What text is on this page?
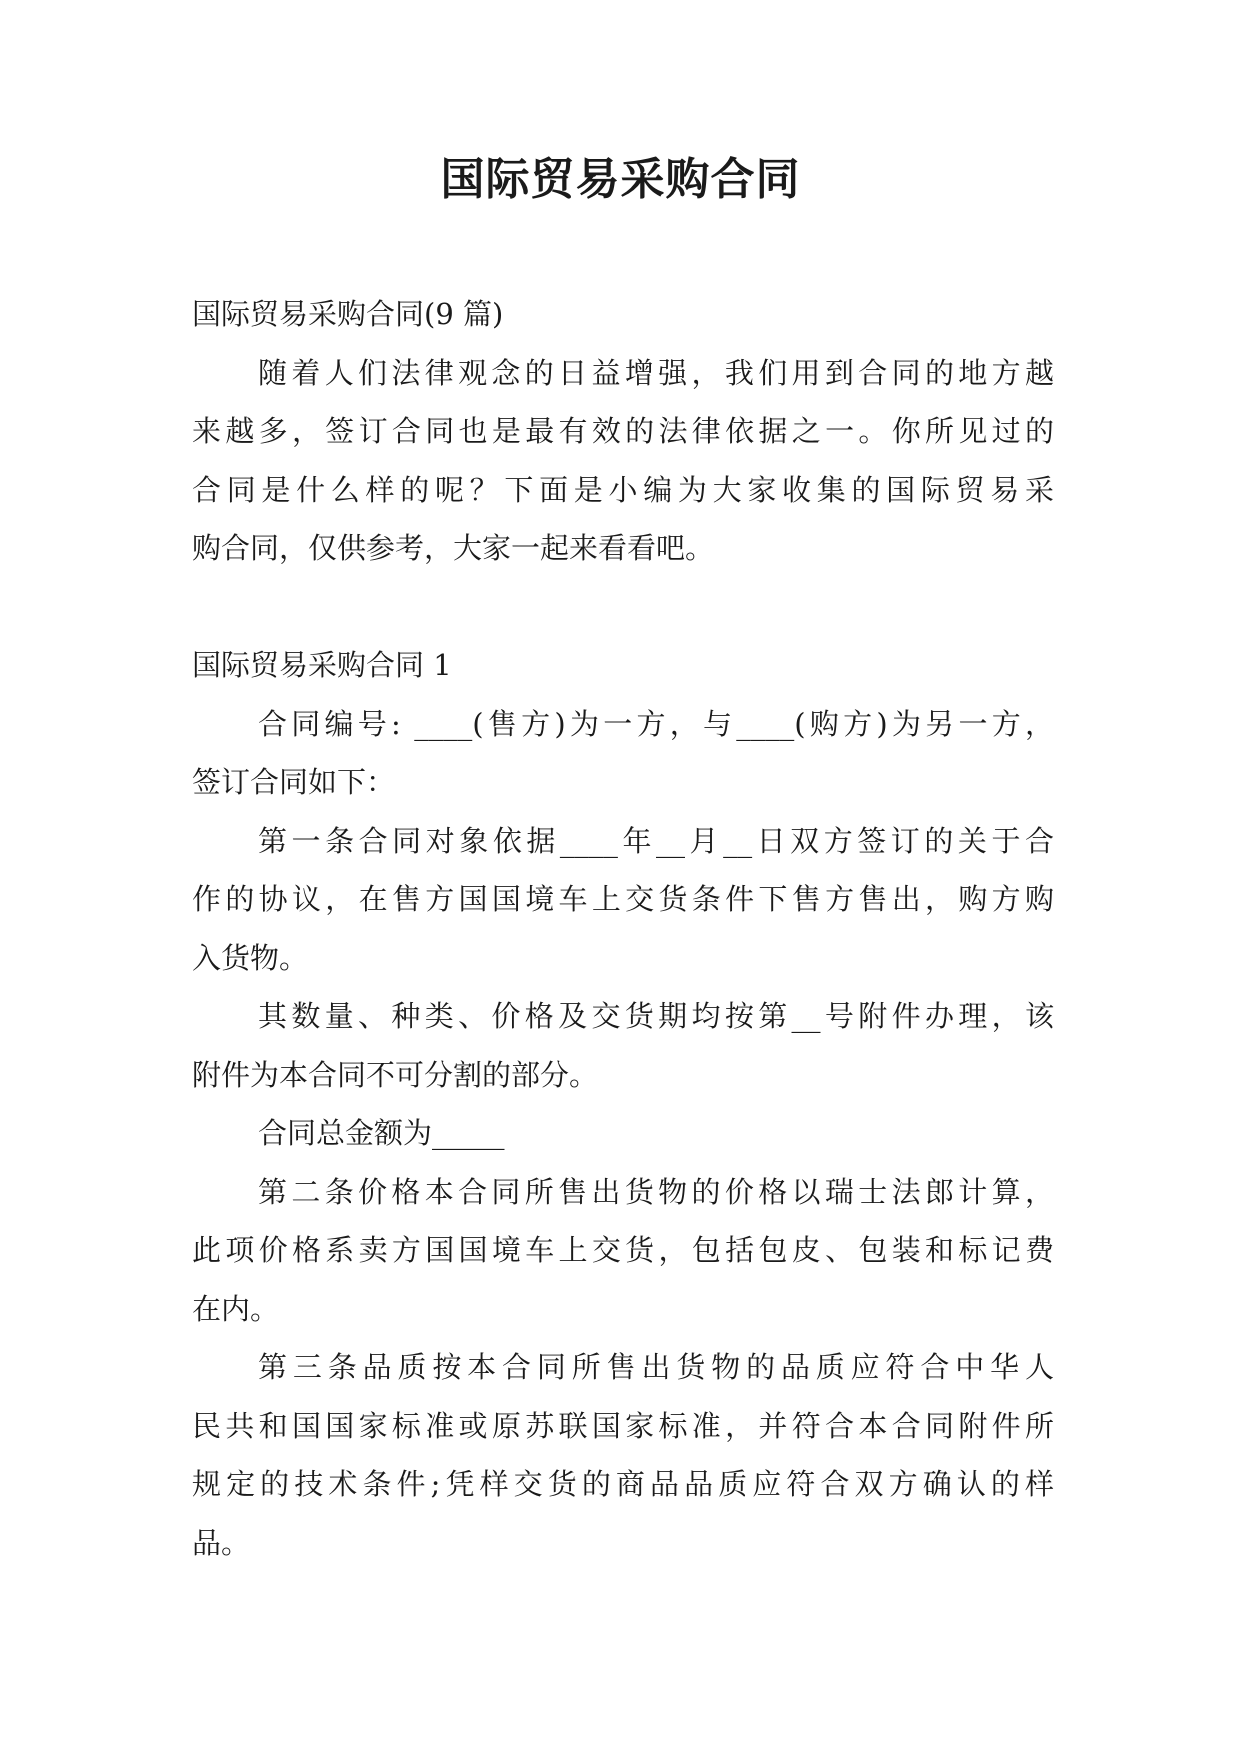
国际贸易采购合同
国际贸易采购合同(9 篇)
随着人们法律观念的日益增强，我们用到合同的地方越
来越多，签订合同也是最有效的法律依据之一。你所见过的
合同是什么样的呢？下面是小编为大家收集的国际贸易采
购合同，仅供参考，大家一起来看看吧。
国际贸易采购合同 1
合同编号: ____(售方)为一方，与____(购方)为另一方，
签订合同如下：
第一条合同对象依据____年__月__日双方签订的关于合
作的协议，在售方国国境车上交货条件下售方售出，购方购
入货物。
其数量、种类、价格及交货期均按第__号附件办理，该
附件为本合同不可分割的部分。
合同总金额为_____
第二条价格本合同所售出货物的价格以瑞士法郎计算，
此项价格系卖方国国境车上交货，包括包皮、包装和标记费
在内。
第三条品质按本合同所售出货物的品质应符合中华人
民共和国国家标准或原苏联国家标准，并符合本合同附件所
规定的技术条件;凭样交货的商品品质应符合双方确认的样
品。
